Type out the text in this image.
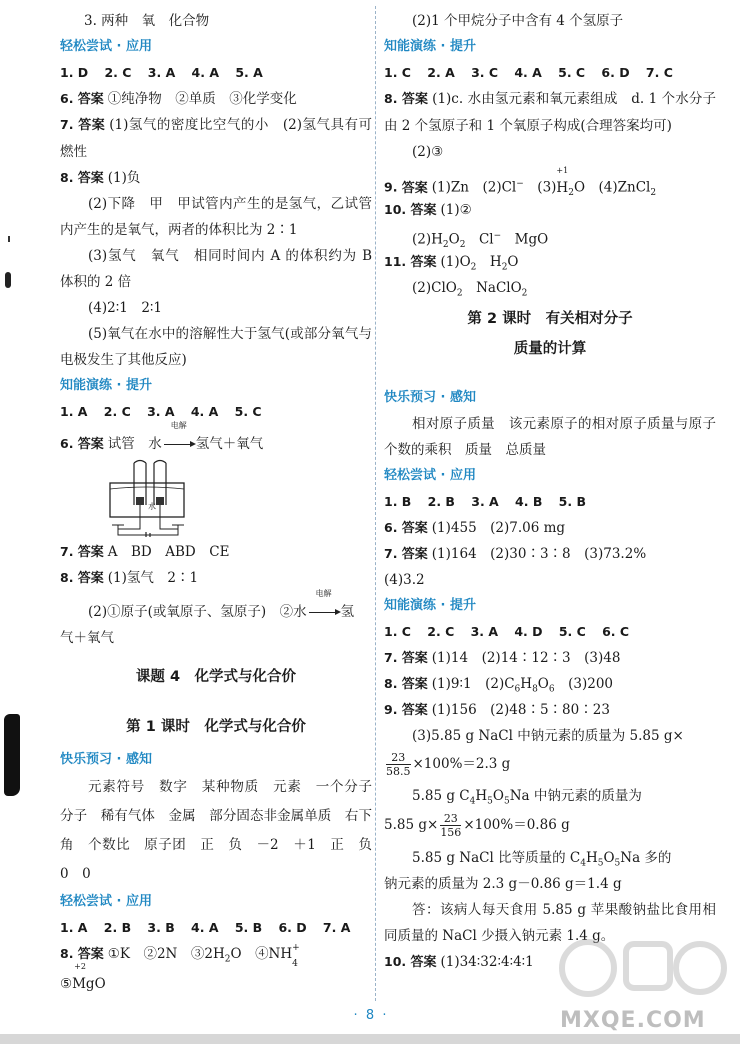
3. 两种　氧　化合物
轻松尝试 · 应用
1. D 2. C 3. A 4. A 5. A
6. 答案 ①纯净物　②单质　③化学变化
7. 答案 (1)氢气的密度比空气的小　(2)氢气具有可燃性
8. 答案 (1)负
(2)下降　甲　甲试管内产生的是氢气，乙试管内产生的是氧气，两者的体积比为 2∶1
(3)氢气　氧气　相同时间内 A 的体积约为 B 体积的 2 倍
(4)2∶1　2∶1
(5)氧气在水中的溶解性大于氢气(或部分氧气与电极发生了其他反应)
知能演练 · 提升
1. A 2. C 3. A 4. A 5. C
6. 答案 试管　 水
电解
氢气＋氧气
水
7. 答案 A　BD　ABD　CE
8. 答案 (1)氢气　2∶1
(2)①原子(或氧原子、氢原子)　②水
电解
氢
气＋氧气
课题 4　化学式与化合价
第 1 课时　化学式与化合价
快乐预习 · 感知
元素符号　数字　某种物质　元素　一个分子　分子　稀有气体　金属　部分固态非金属单质　右下角　个数比　原子团　正　负　－2　＋1　正　负　0　0
轻松尝试 · 应用
1. A 2. B 3. B 4. A 5. B 6. D 7. A
8. 答案 ①K　 ②2N　 $③2H_2O$　 ④NH +
$_4$
⑤
+2
MgO
(2)1 个甲烷分子中含有 4 个氢原子
知能演练 · 提升
1. C 2. A 3. C 4. A 5. C 6. D 7. C
8. 答案 (1)c. 水由氢元素和氧元素组成　d. 1 个水分子由 2 个氢原子和 1 个氧原子构成(合理答案均可)
(2)③
9. 答案 (1)Zn　 (2)Cl−　 (3)
+1
$H_2O$　 (4)ZnCl$_2$
10. 答案 (1)②
$(2)H_2O_2$　 Cl−　 MgO
11. 答案 $(1)O_2$　 $H_2O$
(2)ClO$_2$　 NaClO$_2$
第 2 课时　有关相对分子
质量的计算
快乐预习 · 感知
相对原子质量　该元素原子的相对原子质量与原子个数的乘积　质量　总质量
轻松尝试 · 应用
1. B 2. B 3. A 4. B 5. B
6. 答案 (1)455　(2)7.06 mg
7. 答案 (1)164　(2)30∶3∶8　(3)73.2%
(4)3.2
知能演练 · 提升
1. C 2. C 3. A 4. D 5. C 6. C
7. 答案 (1)14　(2)14∶12∶3　(3)48
8. 答案 (1)9∶1　 $(2)C_6H_8O_6$　 (3)200
9. 答案 (1)156　(2)48∶5∶80∶23
(3)5.85 g NaCl 中钠元素的质量为 5.85 g×
$\frac{23}{58.5} \times 100\%=2.3$ g
5.85 g $C_4H_5O_5Na$ 中钠元素的质量为
5.85 $g\times \frac{23}{156} \times 100\%=0.86$ g
5.85 g NaCl 比等质量的 $C_4H_5O_5Na$ 多的
钠元素的质量为 2.3 g－0.86 g＝1.4 g
答：该病人每天食用 5.85 g 苹果酸钠盐比食用相同质量的 NaCl 少摄入钠元素 1.4 g。
10. 答案 (1)34∶32∶4∶4∶1
MXQE.COM
·  8  ·
